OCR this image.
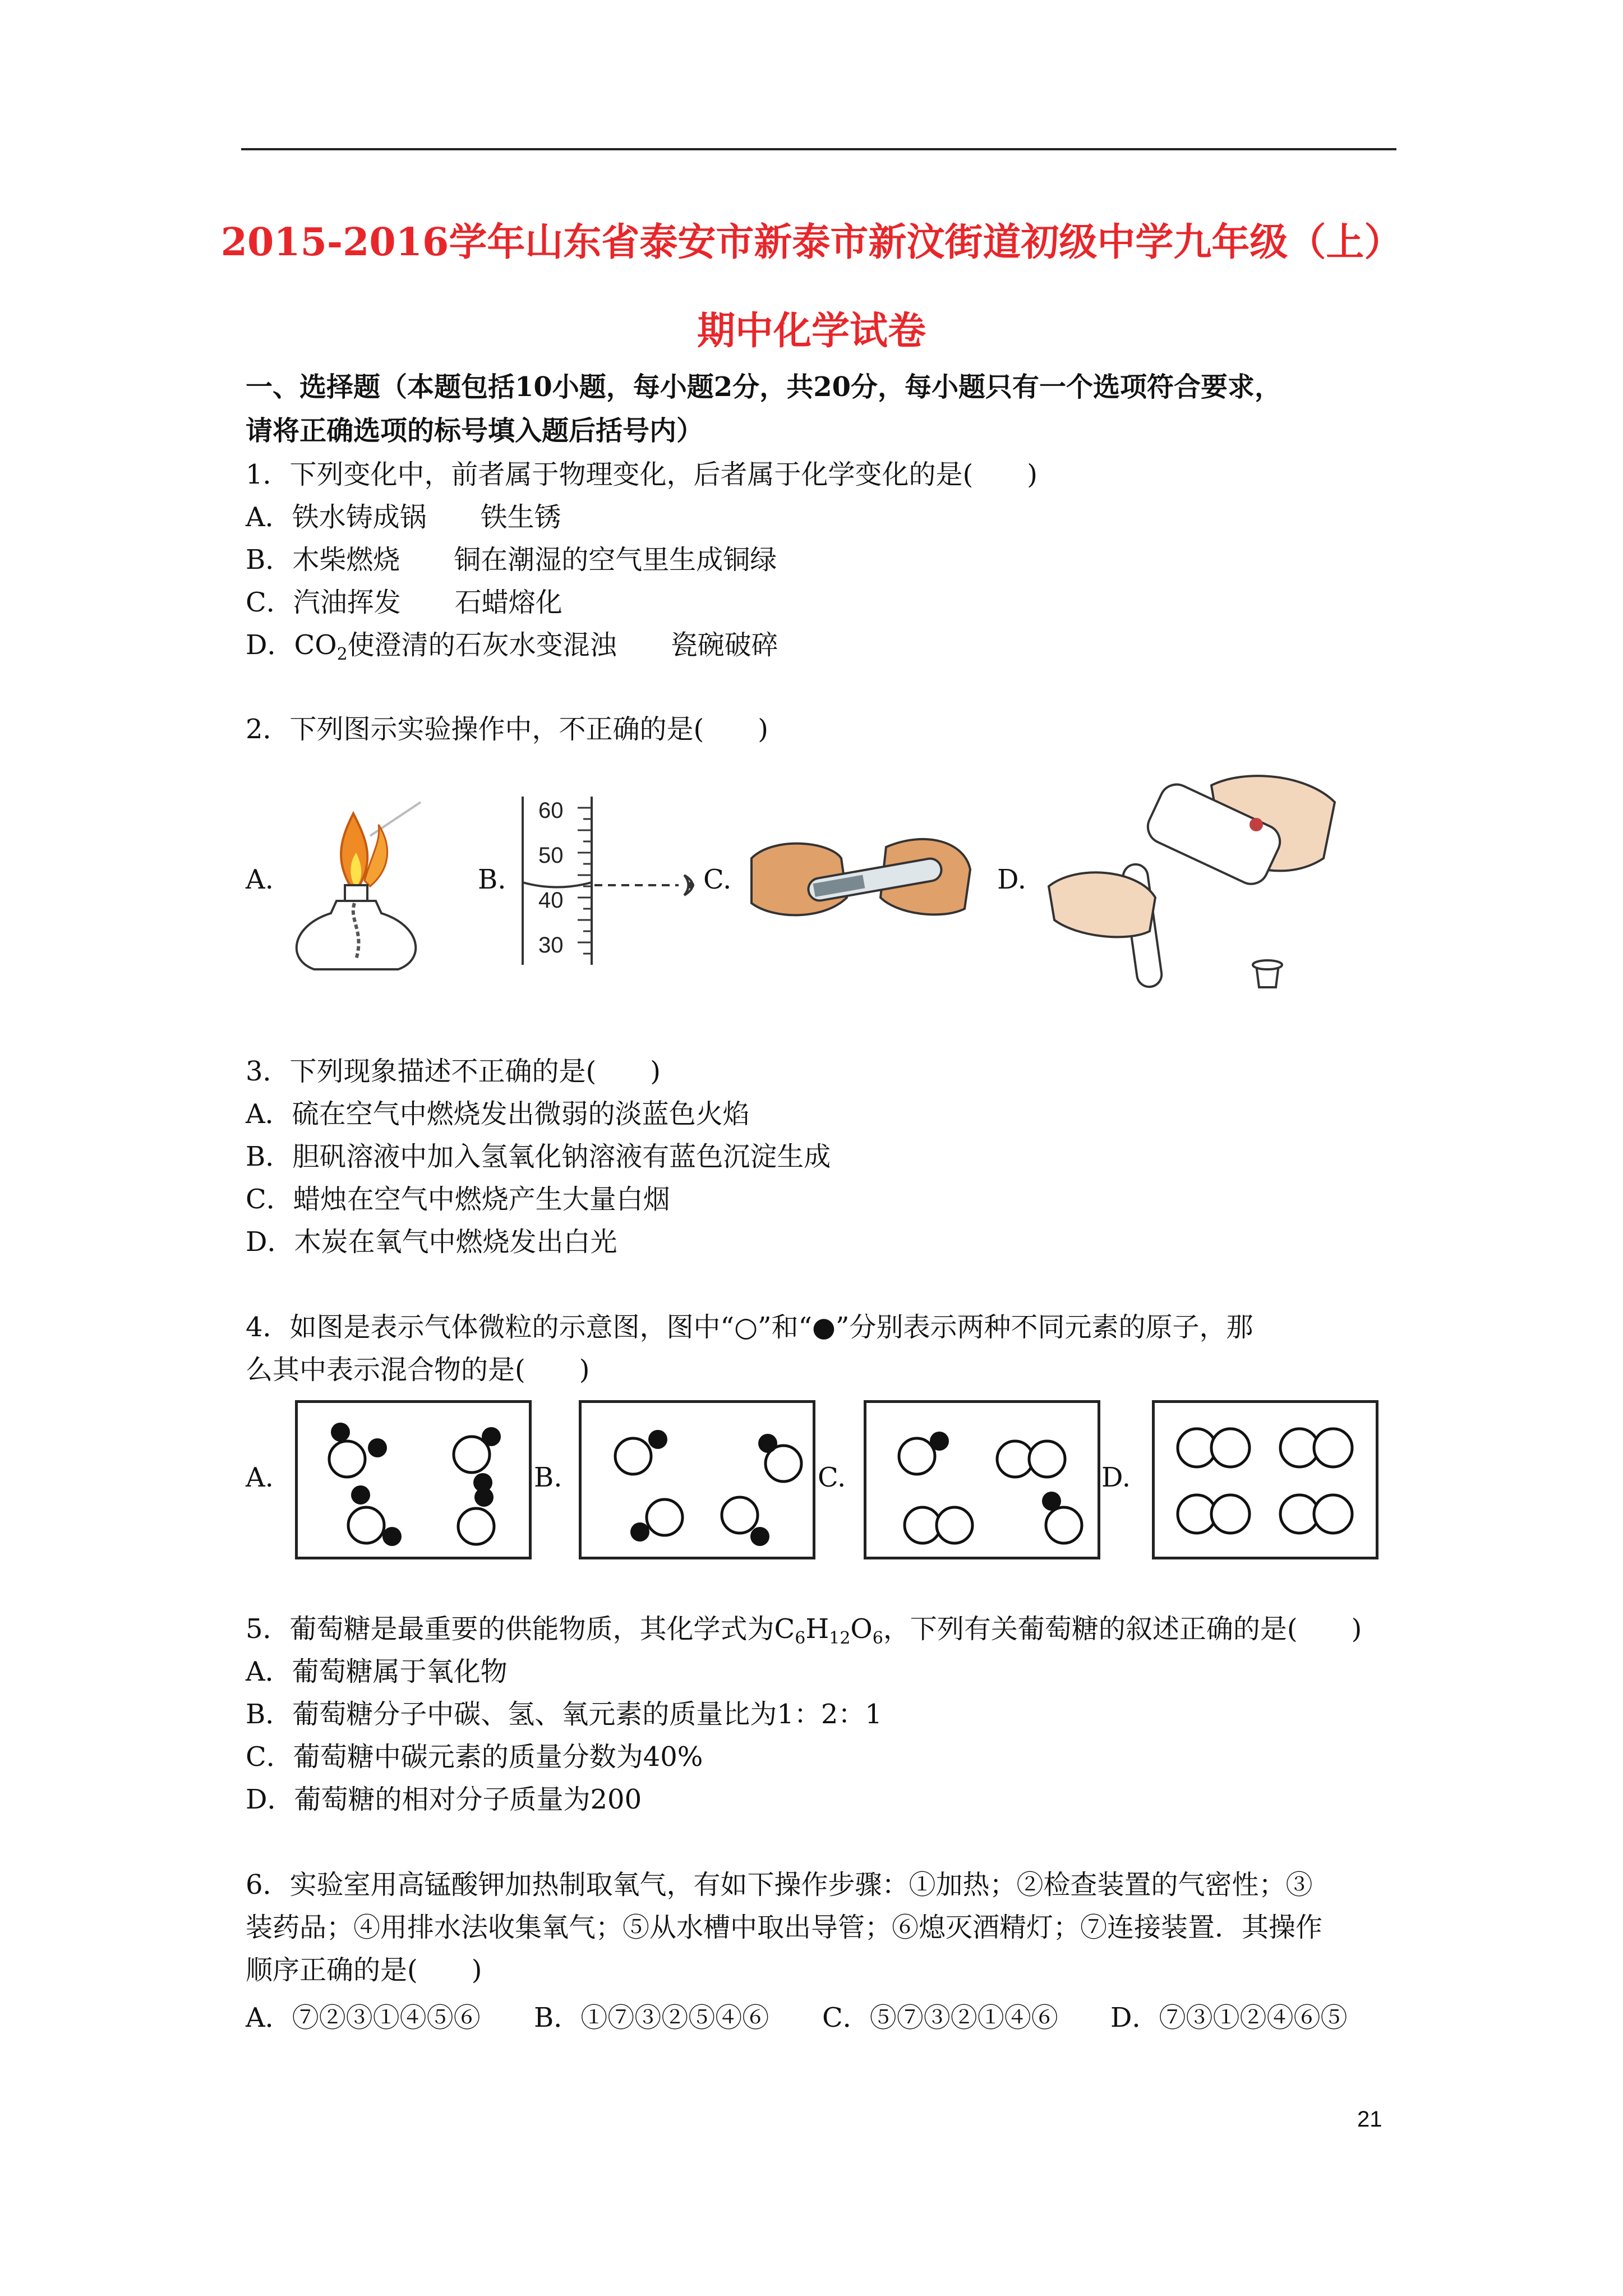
2015-2016学年山东省泰安市新泰市新汶街道初级中学九年级（上）
期中化学试卷
一、选择题（本题包括10小题，每小题2分，共20分，每小题只有一个选项符合要求，
请将正确选项的标号填入题后括号内）
1．下列变化中，前者属于物理变化，后者属于化学变化的是(　　)
A．铁水铸成锅　　铁生锈
B．木柴燃烧　　铜在潮湿的空气里生成铜绿
C．汽油挥发　　石蜡熔化
D．$CO_2$使澄清的石灰水变混浊　　瓷碗破碎
2．下列图示实验操作中，不正确的是(　　)
A.	B.
60
50
40
30
C.	D.
3．下列现象描述不正确的是(　　)
A．硫在空气中燃烧发出微弱的淡蓝色火焰
B．胆矾溶液中加入氢氧化钠溶液有蓝色沉淀生成
C．蜡烛在空气中燃烧产生大量白烟
D．木炭在氧气中燃烧发出白光
4．如图是表示气体微粒的示意图，图中“○”和“●”分别表示两种不同元素的原子，那
么其中表示混合物的是(　　)
A.	B.	C.	D.
5．葡萄糖是最重要的供能物质，其化学式为$C_6H_{12}O_6$，下列有关葡萄糖的叙述正确的是(　　)
A．葡萄糖属于氧化物
B．葡萄糖分子中碳、氢、氧元素的质量比为1：2：1
C．葡萄糖中碳元素的质量分数为40%
D．葡萄糖的相对分子质量为200
6．实验室用高锰酸钾加热制取氧气，有如下操作步骤：①加热；②检查装置的气密性；③
装药品；④用排水法收集氧气；⑤从水槽中取出导管；⑥熄灭酒精灯；⑦连接装置．其操作
顺序正确的是(　　)
A．⑦②③①④⑤⑥ B．①⑦③②⑤④⑥ C．⑤⑦③②①④⑥ D．⑦③①②④⑥⑤
21
